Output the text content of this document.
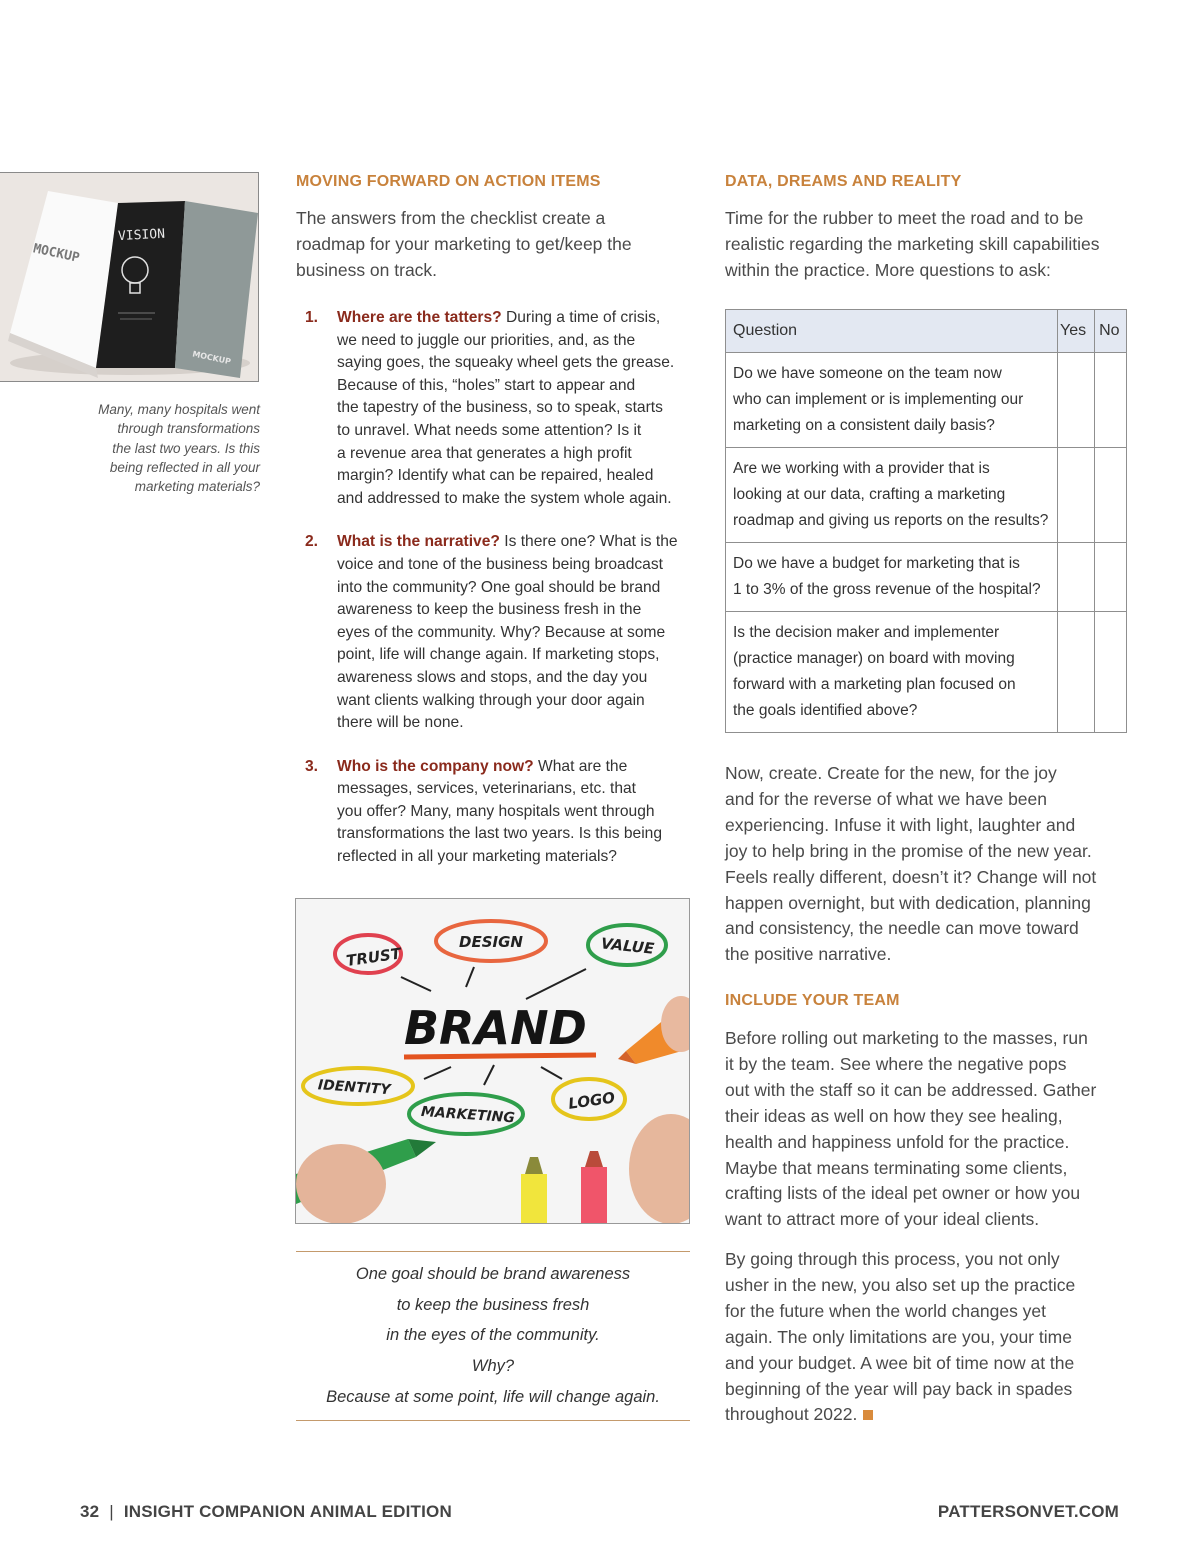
VISION
MOCKUP
MOCKUP
Many, many hospitals went
through transformations
the last two years. Is this
being reflected in all your
marketing materials?
MOVING FORWARD ON ACTION ITEMS
The answers from the checklist create a
roadmap for your marketing to get/keep the
business on track.
1. Where are the tatters? During a time of crisis,
we need to juggle our priorities, and, as the
saying goes, the squeaky wheel gets the grease.
Because of this, “holes” start to appear and
the tapestry of the business, so to speak, starts
to unravel. What needs some attention? Is it
a revenue area that generates a high profit
margin? Identify what can be repaired, healed
and addressed to make the system whole again.
2. What is the narrative? Is there one? What is the
voice and tone of the business being broadcast
into the community? One goal should be brand
awareness to keep the business fresh in the
eyes of the community. Why? Because at some
point, life will change again. If marketing stops,
awareness slows and stops, and the day you
want clients walking through your door again
there will be none.
3. Who is the company now? What are the
messages, services, veterinarians, etc. that
you offer? Many, many hospitals went through
transformations the last two years. Is this being
reflected in all your marketing materials?
TRUST
DESIGN	VALUE
BRAND
IDENTITY
LOGO
MARKETING
One goal should be brand awareness
to keep the business fresh
in the eyes of the community.
Why?
Because at some point, life will change again.
DATA, DREAMS AND REALITY
Time for the rubber to meet the road and to be
realistic regarding the marketing skill capabilities
within the practice. More questions to ask:
Question	Yes	No

Do we have someone on the team now
who can implement or is implementing our
marketing on a consistent daily basis?		

Are we working with a provider that is
looking at our data, crafting a marketing
roadmap and giving us reports on the results?		

Do we have a budget for marketing that is
1 to 3% of the gross revenue of the hospital?		

Is the decision maker and implementer
(practice manager) on board with moving
forward with a marketing plan focused on
the goals identified above?		

Now, create. Create for the new, for the joy
and for the reverse of what we have been
experiencing. Infuse it with light, laughter and
joy to help bring in the promise of the new year.
Feels really different, doesn’t it? Change will not
happen overnight, but with dedication, planning
and consistency, the needle can move toward
the positive narrative.
INCLUDE YOUR TEAM
Before rolling out marketing to the masses, run
it by the team. See where the negative pops
out with the staff so it can be addressed. Gather
their ideas as well on how they see healing,
health and happiness unfold for the practice.
Maybe that means terminating some clients,
crafting lists of the ideal pet owner or how you
want to attract more of your ideal clients.
By going through this process, you not only
usher in the new, you also set up the practice
for the future when the world changes yet
again. The only limitations are you, your time
and your budget. A wee bit of time now at the
beginning of the year will pay back in spades
throughout 2022.
32 | INSIGHT COMPANION ANIMAL EDITION	PATTERSONVET.COM
